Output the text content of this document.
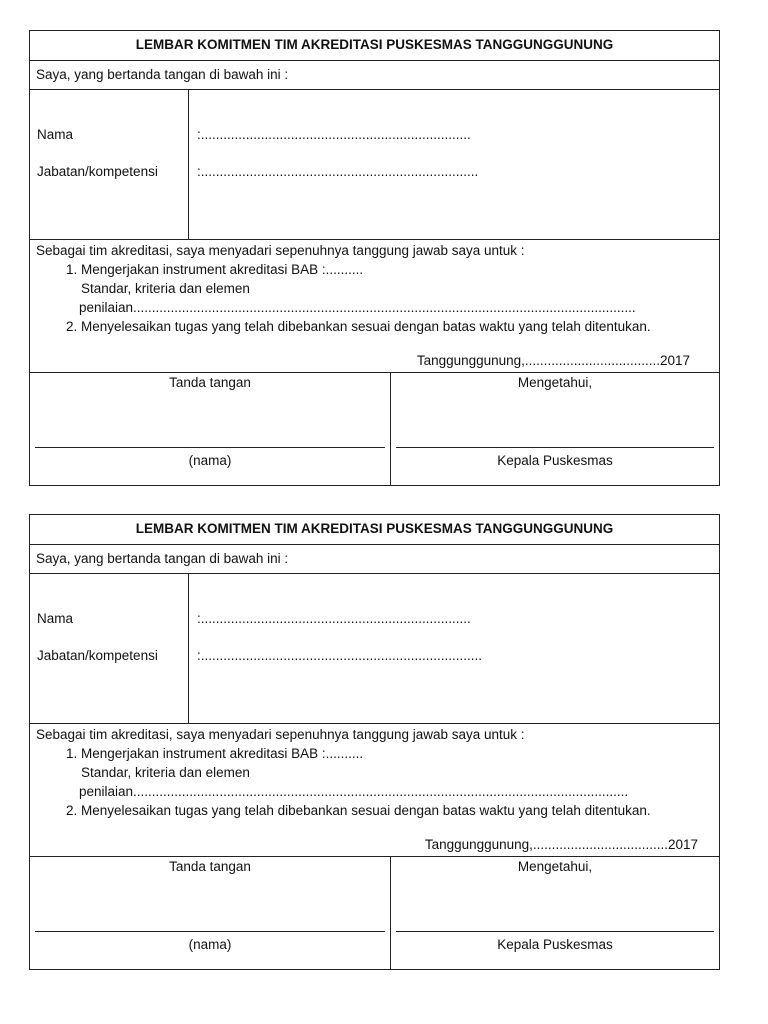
LEMBAR KOMITMEN TIM AKREDITASI PUSKESMAS TANGGUNGGUNUNG
Saya, yang bertanda tangan di bawah ini :
Nama
Jabatan/kompetensi
:........................................................................
:..........................................................................
Sebagai tim akreditasi, saya menyadari sepenuhnya tanggung jawab saya untuk :
1. Mengerjakan instrument akreditasi BAB :..........
Standar, kriteria dan elemen
penilaian......................................................................................................................................
2. Menyelesaikan tugas yang telah dibebankan sesuai dengan batas waktu yang telah ditentukan.
Tanggunggunung,....................................2017
Tanda tangan
(nama)
Mengetahui,
Kepala Puskesmas
LEMBAR KOMITMEN TIM AKREDITASI PUSKESMAS TANGGUNGGUNUNG
Saya, yang bertanda tangan di bawah ini :
Nama
Jabatan/kompetensi
:........................................................................
:...........................................................................
Sebagai tim akreditasi, saya menyadari sepenuhnya tanggung jawab saya untuk :
1. Mengerjakan instrument akreditasi BAB :..........
Standar, kriteria dan elemen
penilaian....................................................................................................................................
2. Menyelesaikan tugas yang telah dibebankan sesuai dengan batas waktu yang telah ditentukan.
Tanggunggunung,....................................2017
Tanda tangan
(nama)
Mengetahui,
Kepala Puskesmas
